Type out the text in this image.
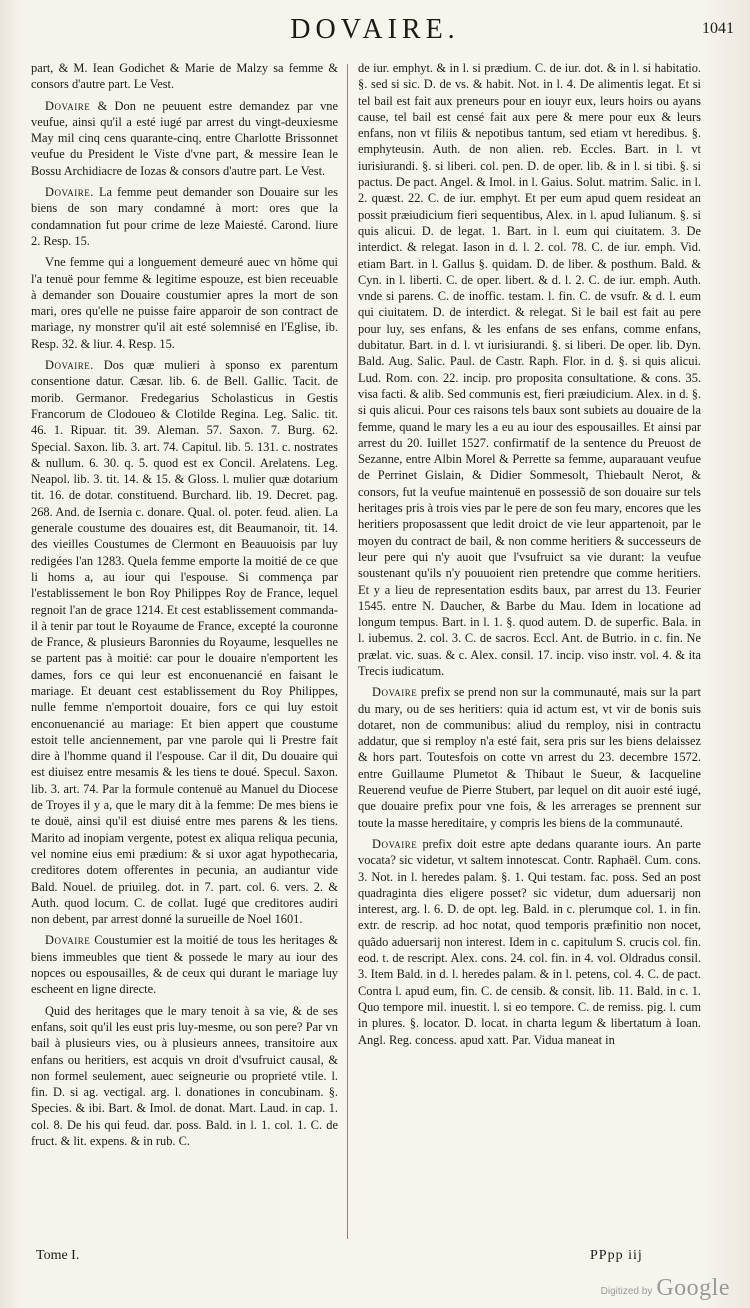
DOVAIRE.	1041

part, & M. Iean Godichet & Marie de Malzy sa femme & consors d'autre part. Le Vest.

Dovaire & Don ne peuuent estre demandez par vne veufue, ainsi qu'il a esté iugé par arrest du vingt-deuxiesme May mil cinq cens quarante-cinq, entre Charlotte Brissonnet veufue du President le Viste d'vne part, & messire Iean le Bossu Archidiacre de Iozas & consors d'autre part. Le Vest.

Dovaire. La femme peut demander son Douaire sur les biens de son mary condamné à mort: ores que la condamnation fut pour crime de leze Maiesté. Carond. liure 2. Resp. 15.

Vne femme qui a longuement demeuré auec vn hõme qui l'a tenuë pour femme & legitime espouze, est bien receuable à demander son Douaire coustumier apres la mort de son mari, ores qu'elle ne puisse faire apparoir de son contract de mariage, ny monstrer qu'il ait esté solemnisé en l'Eglise, ib. Resp. 32. & liur. 4. Resp. 15.

Dovaire. Dos quæ mulieri à sponso ex parentum consentione datur. Cæsar. lib. 6. de Bell. Gallic. Tacit. de morib. Germanor. Fredegarius Scholasticus in Gestis Francorum de Clodoueo & Clotilde Regina. Leg. Salic. tit. 46. 1. Ripuar. tit. 39. Aleman. 57. Saxon. 7. Burg. 62. Special. Saxon. lib. 3. art. 74. Capitul. lib. 5. 131. c. nostrates & nullum. 6. 30. q. 5. quod est ex Concil. Arelatens. Leg. Neapol. lib. 3. tit. 14. & 15. & Gloss. l. mulier quæ dotarium tit. 16. de dotar. constituend. Burchard. lib. 19. Decret. pag. 268. And. de Isernia c. donare. Qual. ol. poter. feud. alien. La generale coustume des douaires est, dit Beaumanoir, tit. 14. des vieilles Coustumes de Clermont en Beauuoisis par luy redigées l'an 1283. Quela femme emporte la moitié de ce que li homs a, au iour qui l'espouse. Si commença par l'establissement le bon Roy Philippes Roy de France, lequel regnoit l'an de grace 1214. Et cest establissement commanda-il à tenir par tout le Royaume de France, excepté la couronne de France, & plusieurs Baronnies du Royaume, lesquelles ne se partent pas à moitié: car pour le douaire n'emportent les dames, fors ce qui leur est enconuenancié en faisant le mariage. Et deuant cest establissement du Roy Philippes, nulle femme n'emportoit douaire, fors ce qui luy estoit enconuenancié au mariage: Et bien appert que coustume estoit telle anciennement, par vne parole qui li Prestre fait dire à l'homme quand il l'espouse. Car il dit, Du douaire qui est diuisez entre mesamis & les tiens te doué. Specul. Saxon. lib. 3. art. 74. Par la formule contenuë au Manuel du Diocese de Troyes il y a, que le mary dit à la femme: De mes biens ie te douë, ainsi qu'il est diuisé entre mes parens & les tiens. Marito ad inopiam vergente, potest ex aliqua reliqua pecunia, vel nomine eius emi prædium: & si uxor agat hypothecaria, creditores dotem offerentes in pecunia, an audiantur vide Bald. Nouel. de priuileg. dot. in 7. part. col. 6. vers. 2. & Auth. quod locum. C. de collat. Iugé que creditores audiri non debent, par arrest donné la surueille de Noel 1601.

Dovaire Coustumier est la moitié de tous les heritages & biens immeubles que tient & possede le mary au iour des nopces ou espousailles, & de ceux qui durant le mariage luy escheent en ligne directe.

Quid des heritages que le mary tenoit à sa vie, & de ses enfans, soit qu'il les eust pris luy-mesme, ou son pere? Par vn bail à plusieurs vies, ou à plusieurs annees, transitoire aux enfans ou heritiers, est acquis vn droit d'vsufruict causal, & non formel seulement, auec seigneurie ou proprieté vtile. l. fin. D. si ag. vectigal. arg. l. donationes in concubinam. §. Species. & ibi. Bart. & Imol. de donat. Mart. Laud. in cap. 1. col. 8. De his qui feud. dar. poss. Bald. in l. 1. col. 1. C. de fruct. & lit. expens. & in rub. C.

de iur. emphyt. & in l. si prædium. C. de iur. dot. & in l. si habitatio. §. sed si sic. D. de vs. & habit. Not. in l. 4. De alimentis legat. Et si tel bail est fait aux preneurs pour en iouyr eux, leurs hoirs ou ayans cause, tel bail est censé fait aux pere & mere pour eux & leurs enfans, non vt filiis & nepotibus tantum, sed etiam vt heredibus. §. emphyteusin. Auth. de non alien. reb. Eccles. Bart. in l. vt iurisiurandi. §. si liberi. col. pen. D. de oper. lib. & in l. si tibi. §. si pactus. De pact. Angel. & Imol. in l. Gaius. Solut. matrim. Salic. in l. 2. quæst. 22. C. de iur. emphyt. Et per eum apud quem resideat an possit præiudicium fieri sequentibus, Alex. in l. apud Iulianum. §. si quis alicui. D. de legat. 1. Bart. in l. eum qui ciuitatem. 3. De interdict. & relegat. Iason in d. l. 2. col. 78. C. de iur. emph. Vid. etiam Bart. in l. Gallus §. quidam. D. de liber. & posthum. Bald. & Cyn. in l. liberti. C. de oper. libert. & d. l. 2. C. de iur. emph. Auth. vnde si parens. C. de inoffic. testam. l. fin. C. de vsufr. & d. l. eum qui ciuitatem. D. de interdict. & relegat. Si le bail est fait au pere pour luy, ses enfans, & les enfans de ses enfans, comme enfans, dubitatur. Bart. in d. l. vt iurisiurandi. §. si liberi. De oper. lib. Dyn. Bald. Aug. Salic. Paul. de Castr. Raph. Flor. in d. §. si quis alicui. Lud. Rom. con. 22. incip. pro proposita consultatione. & cons. 35. visa facti. & alib. Sed communis est, fieri præiudicium. Alex. in d. §. si quis alicui. Pour ces raisons tels baux sont subiets au douaire de la femme, quand le mary les a eu au iour des espousailles. Et ainsi par arrest du 20. Iuillet 1527. confirmatif de la sentence du Preuost de Sezanne, entre Albin Morel & Perrette sa femme, auparauant veufue de Perrinet Gislain, & Didier Sommesolt, Thiebault Nerot, & consors, fut la veufue maintenuë en possessiõ de son douaire sur tels heritages pris à trois vies par le pere de son feu mary, encores que les heritiers proposassent que ledit droict de vie leur appartenoit, par le moyen du contract de bail, & non comme heritiers & successeurs de leur pere qui n'y auoit que l'vsufruict sa vie durant: la veufue soustenant qu'ils n'y pouuoient rien pretendre que comme heritiers. Et y a lieu de representation esdits baux, par arrest du 13. Feurier 1545. entre N. Daucher, & Barbe du Mau. Idem in locatione ad longum tempus. Bart. in l. 1. §. quod autem. D. de superfic. Bala. in l. iubemus. 2. col. 3. C. de sacros. Eccl. Ant. de Butrio. in c. fin. Ne prælat. vic. suas. & c. Alex. consil. 17. incip. viso instr. vol. 4. & ita Trecis iudicatum.

Dovaire prefix se prend non sur la communauté, mais sur la part du mary, ou de ses heritiers: quia id actum est, vt vir de bonis suis dotaret, non de communibus: aliud du remploy, nisi in contractu addatur, que si remploy n'a esté fait, sera pris sur les biens delaissez & hors part. Toutesfois on cotte vn arrest du 23. decembre 1572. entre Guillaume Plumetot & Thibaut le Sueur, & Iacqueline Reuerend veufue de Pierre Stubert, par lequel on dit auoir esté iugé, que douaire prefix pour vne fois, & les arrerages se prennent sur toute la masse hereditaire, y compris les biens de la communauté.

Dovaire prefix doit estre apte dedans quarante iours. An parte vocata? sic videtur, vt saltem innotescat. Contr. Raphaël. Cum. cons. 3. Not. in l. heredes palam. §. 1. Qui testam. fac. poss. Sed an post quadraginta dies eligere posset? sic videtur, dum aduersarij non interest, arg. l. 6. D. de opt. leg. Bald. in c. plerumque col. 1. in fin. extr. de rescrip. ad hoc notat, quod temporis præfinitio non nocet, quãdo aduersarij non interest. Idem in c. capitulum S. crucis col. fin. eod. t. de rescript. Alex. cons. 24. col. fin. in 4. vol. Oldradus consil. 3. Item Bald. in d. l. heredes palam. & in l. petens, col. 4. C. de pact. Contra l. apud eum, fin. C. de censib. & consit. lib. 11. Bald. in c. 1. Quo tempore mil. inuestit. l. si eo tempore. C. de remiss. pig. l. cum in plures. §. locator. D. locat. in charta legum & libertatum à Ioan. Angl. Reg. concess. apud xatt. Par. Vidua maneat in

Tome I.	PPpp iij
Digitized by Google
